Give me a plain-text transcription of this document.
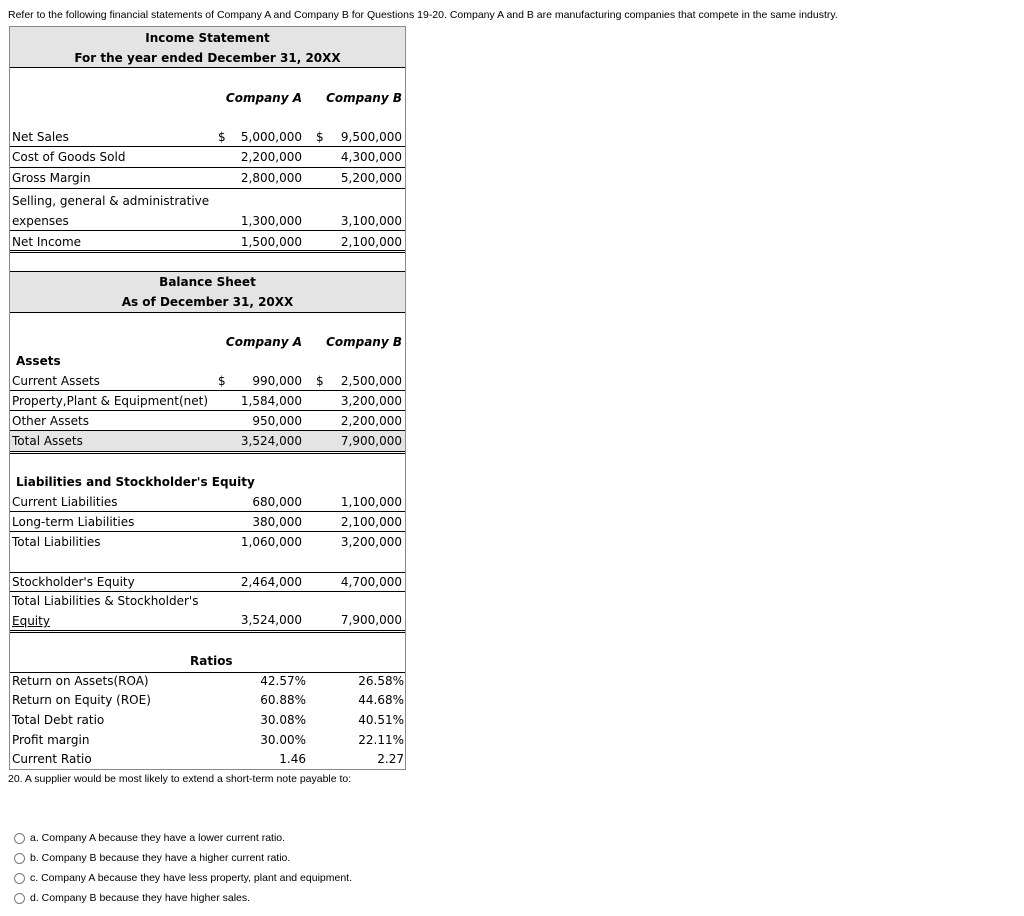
Refer to the following financial statements of Company A and Company B for Questions 19-20. Company A and B are manufacturing companies that compete in the same industry.
Income Statement
For the year ended December 31, 20XX
Company A	Company B
Net Sales	$	5,000,000 $	9,500,000
Cost of Goods Sold	2,200,000	4,300,000
Gross Margin	2,800,000	5,200,000
Selling, general & administrative
expenses	1,300,000	3,100,000
Net Income	1,500,000	2,100,000
Balance Sheet
As of December 31, 20XX
Company A	Company B
Assets
Current Assets	$	990,000 $	2,500,000
Property,Plant & Equipment(net)	1,584,000	3,200,000
Other Assets	950,000	2,200,000
Total Assets	3,524,000	7,900,000
Liabilities and Stockholder's Equity
Current Liabilities	680,000	1,100,000
Long-term Liabilities	380,000	2,100,000
Total Liabilities	1,060,000	3,200,000
Stockholder's Equity	2,464,000	4,700,000
Total Liabilities & Stockholder's
Equity	3,524,000	7,900,000
Ratios
Return on Assets(ROA)	42.57%	26.58%
Return on Equity (ROE)	60.88%	44.68%
Total Debt ratio	30.08%	40.51%
Profit margin	30.00%	22.11%
Current Ratio	1.46	2.27
20. A supplier would be most likely to extend a short-term note payable to:
a. Company A because they have a lower current ratio.
b. Company B because they have a higher current ratio.
c. Company A because they have less property, plant and equipment.
d. Company B because they have higher sales.
